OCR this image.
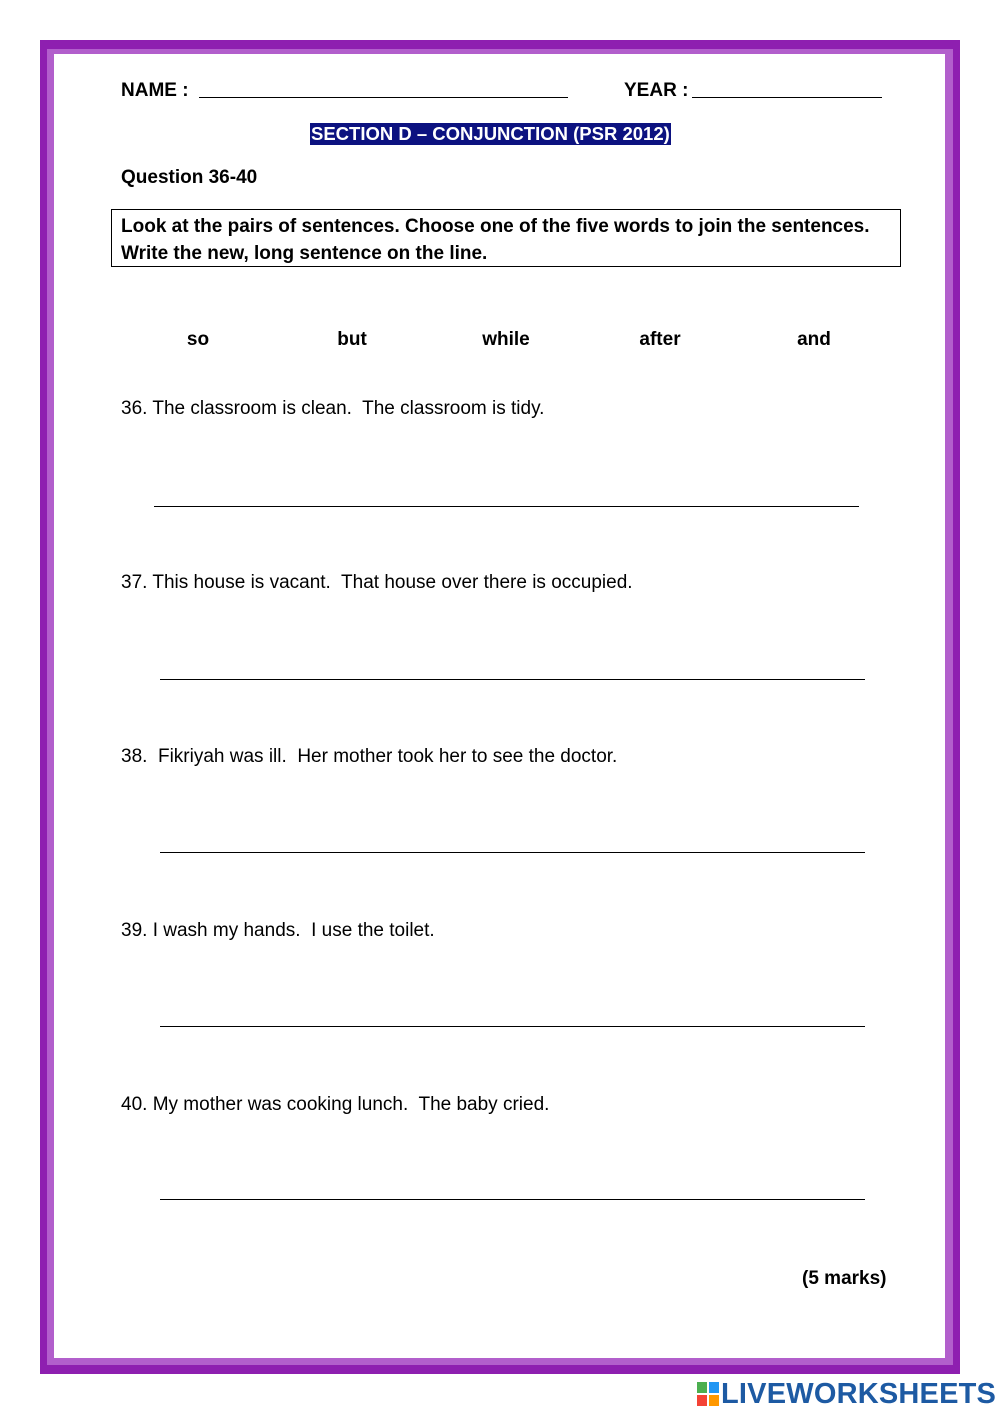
NAME :	YEAR :
SECTION D – CONJUNCTION (PSR 2012)
Question 36-40
Look at the pairs of sentences. Choose one of the five words to join the sentences. Write the new, long sentence on the line.
so	but	while	after	and
36. The classroom is clean.  The classroom is tidy.
37. This house is vacant.  That house over there is occupied.
38.  Fikriyah was ill.  Her mother took her to see the doctor.
39. I wash my hands.  I use the toilet.
40. My mother was cooking lunch.  The baby cried.
(5 marks)
LIVEWORKSHEETS
